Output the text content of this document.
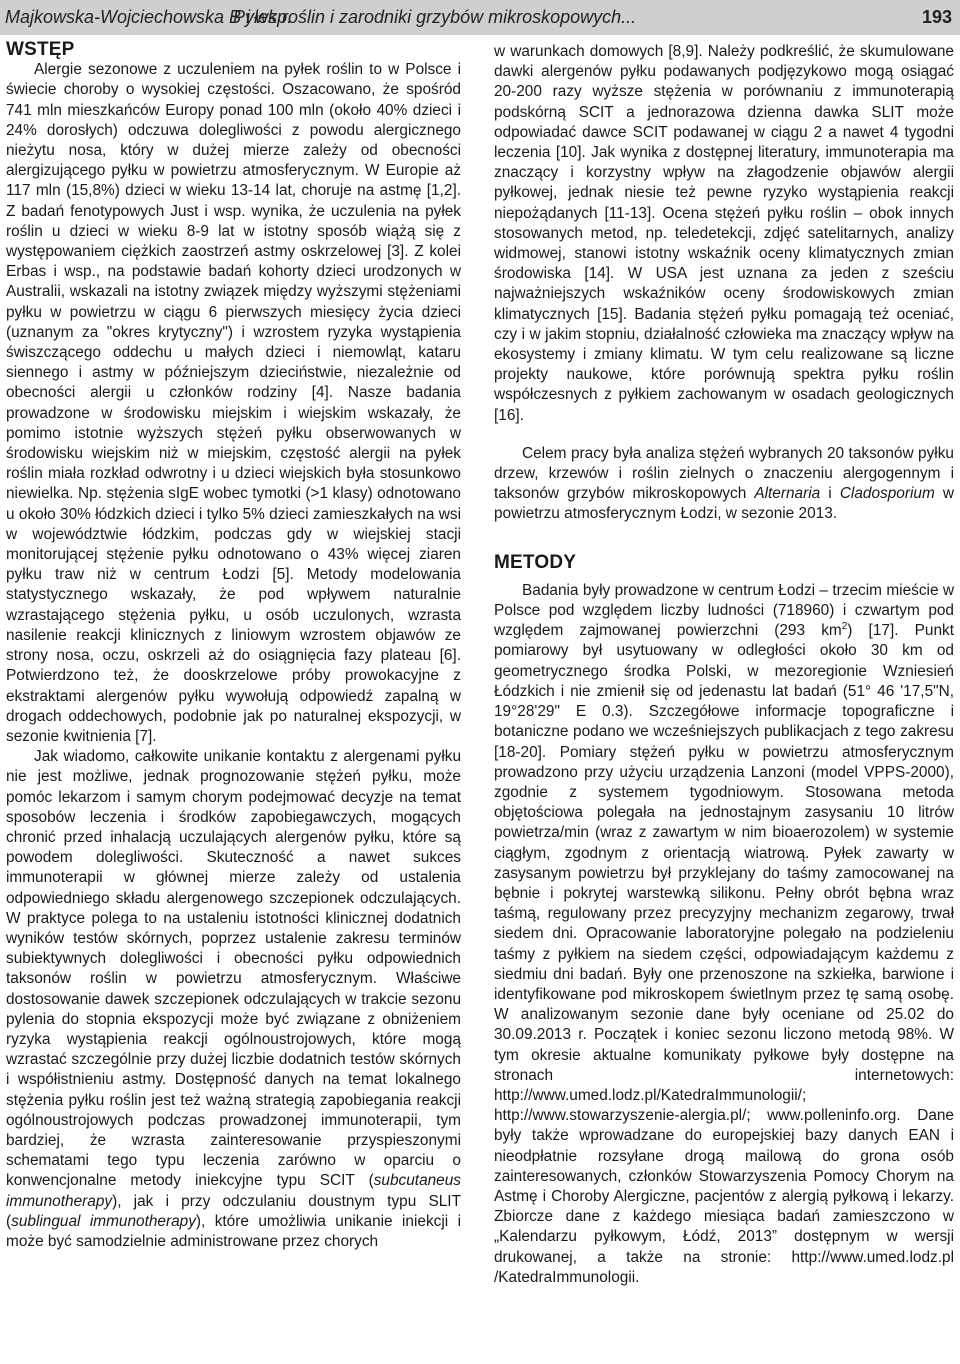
Majkowska-Wojciechowska B i wsp.
Pyłek roślin i zarodniki grzybów mikroskopowych...	193
WSTĘP

Alergie sezonowe z uczuleniem na pyłek roślin to w Polsce i świecie choroby o wysokiej częstości. Oszacowano, że spośród 741 mln mieszkańców Europy ponad 100 mln (około 40% dzieci i 24% dorosłych) odczuwa dolegliwości z powodu alergicznego nieżytu nosa, który w dużej mierze zależy od obecności alergizującego pyłku w powietrzu atmosferycznym. W Europie aż 117 mln (15,8%) dzieci w wieku 13-14 lat, choruje na astmę [1,2]. Z badań fenotypowych Just i wsp. wynika, że uczulenia na pyłek roślin u dzieci w wieku 8-9 lat w istotny sposób wiążą się z występowaniem ciężkich zaostrzeń astmy oskrzelowej [3]. Z kolei Erbas i wsp., na podstawie badań kohorty dzieci urodzonych w Australii, wskazali na istotny związek między wyższymi stężeniami pyłku w powietrzu w ciągu 6 pierwszych miesięcy życia dzieci (uznanym za "okres krytyczny") i wzrostem ryzyka wystąpienia świszczącego oddechu u małych dzieci i niemowląt, kataru siennego i astmy w późniejszym dzieciństwie, niezależnie od obecności alergii u członków rodziny [4]. Nasze badania prowadzone w środowisku miejskim i wiejskim wskazały, że pomimo istotnie wyższych stężeń pyłku obserwowanych w środowisku wiejskim niż w miejskim, częstość alergii na pyłek roślin miała rozkład odwrotny i u dzieci wiejskich była stosunkowo niewielka. Np. stężenia sIgE wobec tymotki (>1 klasy) odnotowano u około 30% łódzkich dzieci i tylko 5% dzieci zamieszkałych na wsi w województwie łódzkim, podczas gdy w wiejskiej stacji monitorującej stężenie pyłku odnotowano o 43% więcej ziaren pyłku traw niż w centrum Łodzi [5]. Metody modelowania statystycznego wskazały, że pod wpływem naturalnie wzrastającego stężenia pyłku, u osób uczulonych, wzrasta nasilenie reakcji klinicznych z liniowym wzrostem objawów ze strony nosa, oczu, oskrzeli aż do osiągnięcia fazy plateau [6]. Potwierdzono też, że dooskrzelowe próby prowokacyjne z ekstraktami alergenów pyłku wywołują odpowiedź zapalną w drogach oddechowych, podobnie jak po naturalnej ekspozycji, w sezonie kwitnienia [7].

Jak wiadomo, całkowite unikanie kontaktu z alergenami pyłku nie jest możliwe, jednak prognozowanie stężeń pyłku, może pomóc lekarzom i samym chorym podejmować decyzje na temat sposobów leczenia i środków zapobiegawczych, mogących chronić przed inhalacją uczulających alergenów pyłku, które są powodem dolegliwości. Skuteczność a nawet sukces immunoterapii w głównej mierze zależy od ustalenia odpowiedniego składu alergenowego szczepionek odczulających. W praktyce polega to na ustaleniu istotności klinicznej dodatnich wyników testów skórnych, poprzez ustalenie zakresu terminów subiektywnych dolegliwości i obecności pyłku odpowiednich taksonów roślin w powietrzu atmosferycznym. Właściwe dostosowanie dawek szczepionek odczulających w trakcie sezonu pylenia do stopnia ekspozycji może być związane z obniżeniem ryzyka wystąpienia reakcji ogólnoustrojowych, które mogą wzrastać szczególnie przy dużej liczbie dodatnich testów skórnych i współistnieniu astmy. Dostępność danych na temat lokalnego stężenia pyłku roślin jest też ważną strategią zapobiegania reakcji ogólnoustrojowych podczas prowadzonej immunoterapii, tym bardziej, że wzrasta zainteresowanie przyspieszonymi schematami tego typu leczenia zarówno w oparciu o konwencjonalne metody iniekcyjne typu SCIT (subcutaneus immunotherapy), jak i przy odczulaniu doustnym typu SLIT (sublingual immunotherapy), które umożliwia unikanie iniekcji i może być samodzielnie administrowane przez chorych

w warunkach domowych [8,9]. Należy podkreślić, że skumulowane dawki alergenów pyłku podawanych podjęzykowo mogą osiągać 20-200 razy wyższe stężenia w porównaniu z immunoterapią podskórną SCIT a jednorazowa dzienna dawka SLIT może odpowiadać dawce SCIT podawanej w ciągu 2 a nawet 4 tygodni leczenia [10]. Jak wynika z dostępnej literatury, immunoterapia ma znaczący i korzystny wpływ na złagodzenie objawów alergii pyłkowej, jednak niesie też pewne ryzyko wystąpienia reakcji niepożądanych [11-13]. Ocena stężeń pyłku roślin – obok innych stosowanych metod, np. teledetekcji, zdjęć satelitarnych, analizy widmowej, stanowi istotny wskaźnik oceny klimatycznych zmian środowiska [14]. W USA jest uznana za jeden z sześciu najważniejszych wskaźników oceny środowiskowych zmian klimatycznych [15]. Badania stężeń pyłku pomagają też oceniać, czy i w jakim stopniu, działalność człowieka ma znaczący wpływ na ekosystemy i zmiany klimatu. W tym celu realizowane są liczne projekty naukowe, które porównują spektra pyłku roślin współczesnych z pyłkiem zachowanym w osadach geologicznych [16].

Celem pracy była analiza stężeń wybranych 20 taksonów pyłku drzew, krzewów i roślin zielnych o znaczeniu alergogennym i taksonów grzybów mikroskopowych Alternaria i Cladosporium w powietrzu atmosferycznym Łodzi, w sezonie 2013.

METODY

Badania były prowadzone w centrum Łodzi – trzecim mieście w Polsce pod względem liczby ludności (718960) i czwartym pod względem zajmowanej powierzchni (293 $km^2$) [17]. Punkt pomiarowy był usytuowany w odległości około 30 km od geometrycznego środka Polski, w mezoregionie Wzniesień Łódzkich i nie zmienił się od jedenastu lat badań (51° 46 '17,5"N, 19°28'29" E 0.3). Szczegółowe informacje topograficzne i botaniczne podano we wcześniejszych publikacjach z tego zakresu [18-20]. Pomiary stężeń pyłku w powietrzu atmosferycznym prowadzono przy użyciu urządzenia Lanzoni (model VPPS-2000), zgodnie z systemem tygodniowym. Stosowana metoda objętościowa polegała na jednostajnym zasysaniu 10 litrów powietrza/min (wraz z zawartym w nim bioaerozolem) w systemie ciągłym, zgodnym z orientacją wiatrową. Pyłek zawarty w zasysanym powietrzu był przyklejany do taśmy zamocowanej na bębnie i pokrytej warstewką silikonu. Pełny obrót bębna wraz taśmą, regulowany przez precyzyjny mechanizm zegarowy, trwał siedem dni. Opracowanie laboratoryjne polegało na podzieleniu taśmy z pyłkiem na siedem części, odpowiadającym każdemu z siedmiu dni badań. Były one przenoszone na szkiełka, barwione i identyfikowane pod mikroskopem świetlnym przez tę samą osobę. W analizowanym sezonie dane były oceniane od 25.02 do 30.09.2013 r. Początek i koniec sezonu liczono metodą 98%. W tym okresie aktualne komunikaty pyłkowe były dostępne na stronach internetowych: http://www.umed.lodz.pl/KatedraImmunologii/; http://www.stowarzyszenie-alergia.pl/; www.polleninfo.org. Dane były także wprowadzane do europejskiej bazy danych EAN i nieodpłatnie rozsyłane drogą mailową do grona osób zainteresowanych, członków Stowarzyszenia Pomocy Chorym na Astmę i Choroby Alergiczne, pacjentów z alergią pyłkową i lekarzy. Zbiorcze dane z każdego miesiąca badań zamieszczono w „Kalendarzu pyłkowym, Łódź, 2013” dostępnym w wersji drukowanej, a także na stronie: http://www.umed.lodz.pl /KatedraImmunologii.
